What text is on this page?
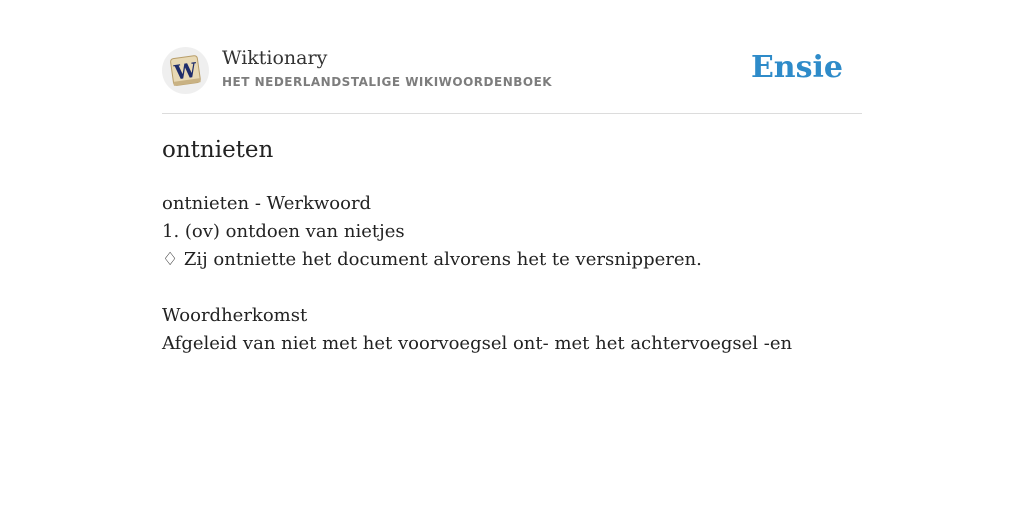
W Wiktionary
HET NEDERLANDSTALIGE WIKIWOORDENBOEK	Ensie
ontnieten
ontnieten - Werkwoord
1. (ov) ontdoen van nietjes
♢ Zij ontniette het document alvorens het te versnipperen.
Woordherkomst
Afgeleid van niet met het voorvoegsel ont- met het achtervoegsel -en
